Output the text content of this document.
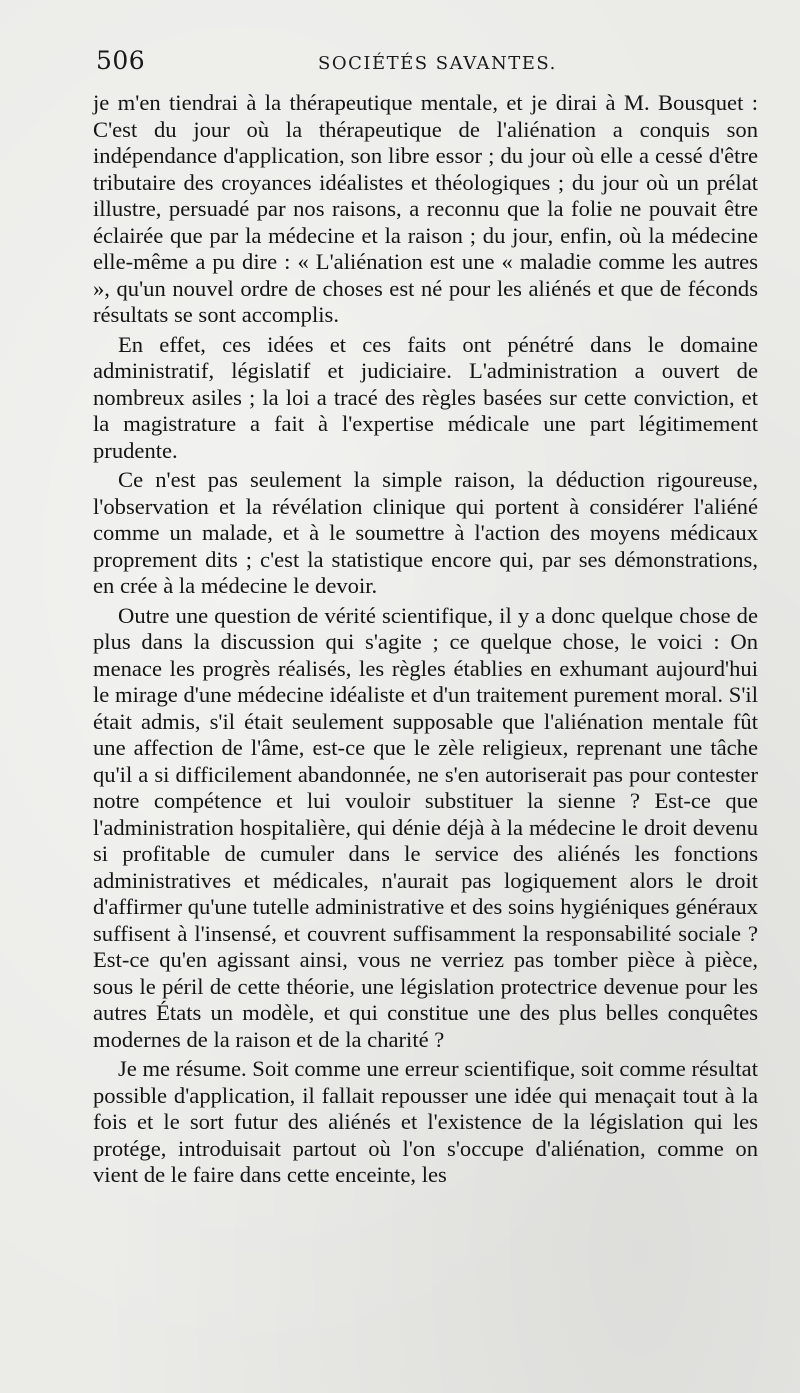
506	SOCIÉTÉS SAVANTES.

je m'en tiendrai à la thérapeutique mentale, et je dirai à M. Bousquet : C'est du jour où la thérapeutique de l'aliénation a conquis son indépendance d'application, son libre essor ; du jour où elle a cessé d'être tributaire des croyances idéalistes et théologiques ; du jour où un prélat illustre, persuadé par nos raisons, a reconnu que la folie ne pouvait être éclairée que par la médecine et la raison ; du jour, enfin, où la médecine elle-même a pu dire : « L'aliénation est une « maladie comme les autres », qu'un nouvel ordre de choses est né pour les aliénés et que de féconds résultats se sont accomplis.

En effet, ces idées et ces faits ont pénétré dans le domaine administratif, législatif et judiciaire. L'administration a ouvert de nombreux asiles ; la loi a tracé des règles basées sur cette conviction, et la magistrature a fait à l'expertise médicale une part légitimement prudente.

Ce n'est pas seulement la simple raison, la déduction rigoureuse, l'observation et la révélation clinique qui portent à considérer l'aliéné comme un malade, et à le soumettre à l'action des moyens médicaux proprement dits ; c'est la statistique encore qui, par ses démonstrations, en crée à la médecine le devoir.

Outre une question de vérité scientifique, il y a donc quelque chose de plus dans la discussion qui s'agite ; ce quelque chose, le voici : On menace les progrès réalisés, les règles établies en exhumant aujourd'hui le mirage d'une médecine idéaliste et d'un traitement purement moral. S'il était admis, s'il était seulement supposable que l'aliénation mentale fût une affection de l'âme, est-ce que le zèle religieux, reprenant une tâche qu'il a si difficilement abandonnée, ne s'en autoriserait pas pour contester notre compétence et lui vouloir substituer la sienne ? Est-ce que l'administration hospitalière, qui dénie déjà à la médecine le droit devenu si profitable de cumuler dans le service des aliénés les fonctions administratives et médicales, n'aurait pas logiquement alors le droit d'affirmer qu'une tutelle administrative et des soins hygiéniques généraux suffisent à l'insensé, et couvrent suffisamment la responsabilité sociale ? Est-ce qu'en agissant ainsi, vous ne verriez pas tomber pièce à pièce, sous le péril de cette théorie, une législation protectrice devenue pour les autres États un modèle, et qui constitue une des plus belles conquêtes modernes de la raison et de la charité ?

Je me résume. Soit comme une erreur scientifique, soit comme résultat possible d'application, il fallait repousser une idée qui menaçait tout à la fois et le sort futur des aliénés et l'existence de la législation qui les protége, introduisait partout où l'on s'occupe d'aliénation, comme on vient de le faire dans cette enceinte, les
